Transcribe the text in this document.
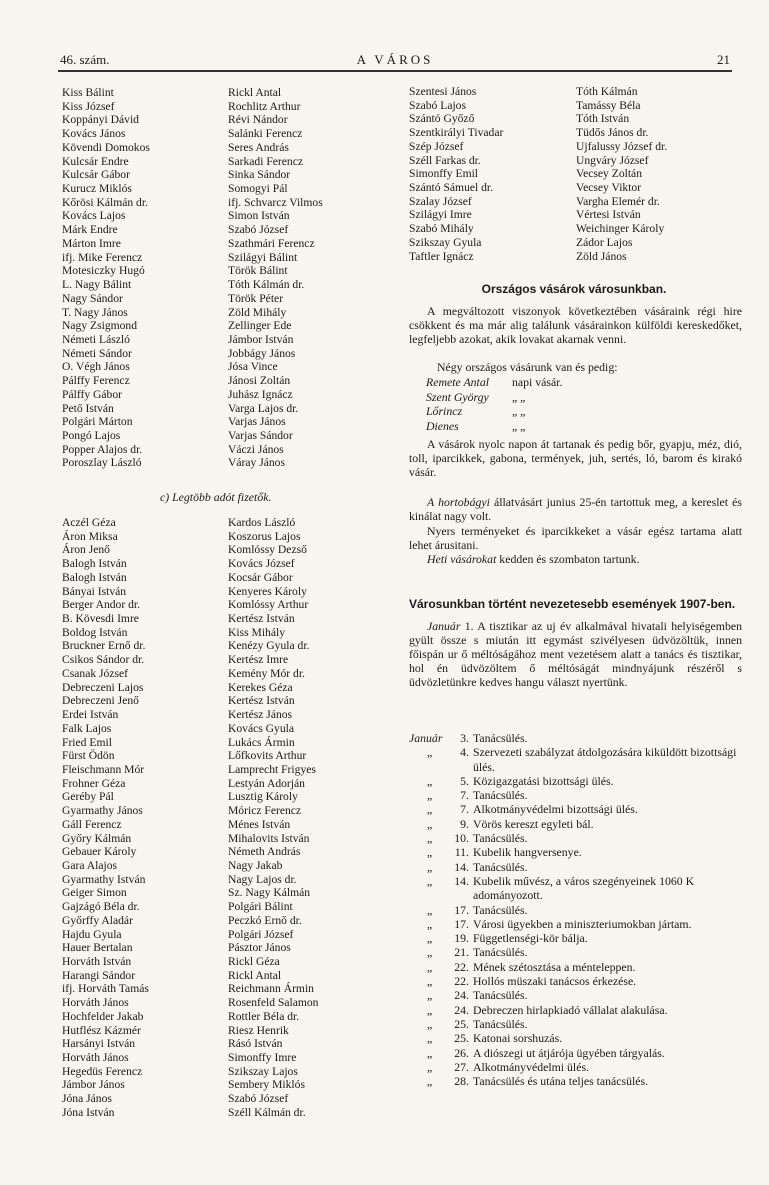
46. szám.	A VÁROS	21
Kiss Bálint
Kiss József
Koppányi Dávid
Kovács János
Kövendi Domokos
Kulcsár Endre
Kulcsár Gábor
Kurucz Miklós
Kőrösi Kálmán dr.
Kovács Lajos
Márk Endre
Márton Imre
ifj. Mike Ferencz
Motesiczky Hugó
L. Nagy Bálint
Nagy Sándor
T. Nagy János
Nagy Zsigmond
Németi László
Németi Sándor
O. Végh János
Pálffy Ferencz
Pálffy Gábor
Pető István
Polgári Márton
Pongó Lajos
Popper Alajos dr.
Poroszlay László
Rickl Antal
Rochlitz Arthur
Révi Nándor
Salánki Ferencz
Seres András
Sarkadi Ferencz
Sinka Sándor
Somogyi Pál
ifj. Schvarcz Vilmos
Simon István
Szabó József
Szathmári Ferencz
Szilágyi Bálint
Török Bálint
Tóth Kálmán dr.
Török Péter
Zöld Mihály
Zellinger Ede
Jámbor István
Jobbágy János
Jósa Vince
Jánosi Zoltán
Juhász Ignácz
Varga Lajos dr.
Varjas János
Varjas Sándor
Váczi János
Váray János
c) Legtöbb adót fizetők.
Aczél Géza
Áron Miksa
Áron Jenő
Balogh István
Balogh István
Bányai István
Berger Andor dr.
B. Kövesdi Imre
Boldog István
Bruckner Ernő dr.
Csikos Sándor dr.
Csanak József
Debreczeni Lajos
Debreczeni Jenő
Erdei István
Falk Lajos
Fried Emil
Fürst Ödön
Fleischmann Mór
Frohner Géza
Geréby Pál
Gyarmathy János
Gáll Ferencz
Győry Kálmán
Gebauer Károly
Gara Alajos
Gyarmathy István
Geiger Simon
Gajzágó Béla dr.
Győrffy Aladár
Hajdu Gyula
Hauer Bertalan
Horváth István
Harangi Sándor
ifj. Horváth Tamás
Horváth János
Hochfelder Jakab
Hutflész Kázmér
Harsányi István
Horváth János
Hegedüs Ferencz
Jámbor János
Jóna János
Jóna István
Kardos László
Koszorus Lajos
Komlóssy Dezső
Kovács József
Kocsár Gábor
Kenyeres Károly
Komlóssy Arthur
Kertész István
Kiss Mihály
Kenézy Gyula dr.
Kertész Imre
Kemény Mór dr.
Kerekes Géza
Kertész István
Kertész János
Kovács Gyula
Lukács Ármin
Lőfkovits Arthur
Lamprecht Frigyes
Lestyán Adorján
Lusztig Károly
Móricz Ferencz
Ménes István
Mihalovits István
Németh András
Nagy Jakab
Nagy Lajos dr.
Sz. Nagy Kálmán
Polgári Bálint
Peczkó Ernő dr.
Polgári József
Pásztor János
Rickl Géza
Rickl Antal
Reichmann Ármin
Rosenfeld Salamon
Rottler Béla dr.
Riesz Henrik
Rásó István
Simonffy Imre
Szikszay Lajos
Sembery Miklós
Szabó József
Széll Kálmán dr.
Szentesi János
Szabó Lajos
Szántó Győző
Szentkirályi Tivadar
Szép József
Széll Farkas dr.
Simonffy Emil
Szántó Sámuel dr.
Szalay József
Szilágyi Imre
Szabó Mihály
Szikszay Gyula
Taftler Ignácz
Tóth Kálmán
Tamássy Béla
Tóth István
Tüdős János dr.
Ujfalussy József dr.
Ungváry József
Vecsey Zoltán
Vecsey Viktor
Vargha Elemér dr.
Vértesi István
Weichinger Károly
Zádor Lajos
Zöld János
Országos vásárok városunkban.

A megváltozott viszonyok következtében vásáraink régi hire csökkent és ma már alig találunk vásárainkon külföldi kereskedőket, legfeljebb azokat, akik lovakat akarnak venni.

Négy országos vásárunk van és pedig:

Remete Antal napi vásár.
Szent György „ „
Lőrincz	„ „
Dienes	„ „

A vásárok nyolc napon át tartanak és pedig bőr, gyapju, méz, dió, toll, iparcikkek, gabona, termények, juh, sertés, ló, barom és kirakó vásár.

A hortobágyi állatvásárt junius 25-én tartottuk meg, a kereslet és kinálat nagy volt.

Nyers terményeket és iparcikkeket a vásár egész tartama alatt lehet árusitani.

Heti vásárokat kedden és szombaton tartunk.

Városunkban történt nevezetesebb események 1907-ben.

Január 1. A tisztikar az uj év alkalmával hivatali helyiségemben gyült össze s miután itt egymást szivélyesen üdvözöltük, innen főispán ur ő méltóságához ment vezetésem alatt a tanács és tisztikar, hol én üdvözöltem ő méltóságát mindnyájunk részéről s üdvözletünkre kedves hangu választ nyertünk.

Január	3. Tanácsülés.
„	4. Szervezeti szabályzat átdolgozására kiküldött bizottsági ülés.
„	5. Közigazgatási bizottsági ülés.
„	7. Tanácsülés.
„	7. Alkotmányvédelmi bizottsági ülés.
„	9. Vörös kereszt egyleti bál.
„	10. Tanácsülés.
„	11. Kubelik hangversenye.
„	14. Tanácsülés.
„	14. Kubelik művész, a város szegényeinek 1060 K adományozott.
„	17. Tanácsülés.
„	17. Városi ügyekben a miniszteriumokban jártam.
„	19. Függetlenségi-kör bálja.
„	21. Tanácsülés.
„	22. Mének szétosztása a ménteleppen.
„	22. Hollós müszaki tanácsos érkezése.
„	24. Tanácsülés.
„	24. Debreczen hirlapkiadó vállalat alakulása.
„	25. Tanácsülés.
„	25. Katonai sorshuzás.
„	26. A diószegi ut átjárója ügyében tárgyalás.
„	27. Alkotmányvédelmi ülés.
„	28. Tanácsülés és utána teljes tanácsülés.
